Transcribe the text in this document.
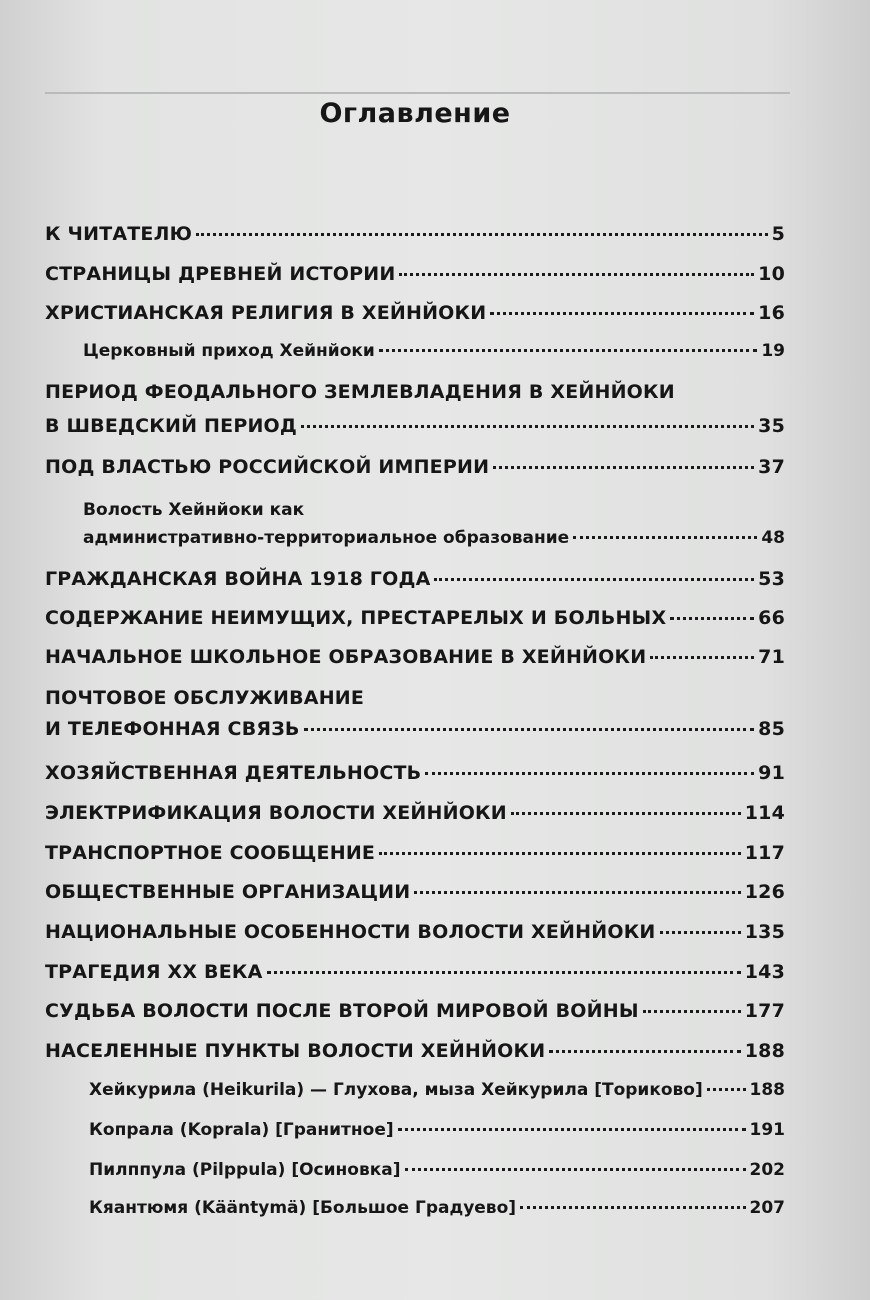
Оглавление
К ЧИТАТЕЛЮ	5
СТРАНИЦЫ ДРЕВНЕЙ ИСТОРИИ	10
ХРИСТИАНСКАЯ РЕЛИГИЯ В ХЕЙНЙОКИ	16
Церковный приход Хейнйоки	19
ПЕРИОД ФЕОДАЛЬНОГО ЗЕМЛЕВЛАДЕНИЯ В ХЕЙНЙОКИ
В ШВЕДСКИЙ ПЕРИОД	35
ПОД ВЛАСТЬЮ РОССИЙСКОЙ ИМПЕРИИ	37
Волость Хейнйоки как
административно-территориальное образование	48
ГРАЖДАНСКАЯ ВОЙНА 1918 ГОДА	53
СОДЕРЖАНИЕ НЕИМУЩИХ, ПРЕСТАРЕЛЫХ И БОЛЬНЫХ	66
НАЧАЛЬНОЕ ШКОЛЬНОЕ ОБРАЗОВАНИЕ В ХЕЙНЙОКИ	71
ПОЧТОВОЕ ОБСЛУЖИВАНИЕ
И ТЕЛЕФОННАЯ СВЯЗЬ	85
ХОЗЯЙСТВЕННАЯ ДЕЯТЕЛЬНОСТЬ	91
ЭЛЕКТРИФИКАЦИЯ ВОЛОСТИ ХЕЙНЙОКИ	114
ТРАНСПОРТНОЕ СООБЩЕНИЕ	117
ОБЩЕСТВЕННЫЕ ОРГАНИЗАЦИИ	126
НАЦИОНАЛЬНЫЕ ОСОБЕННОСТИ ВОЛОСТИ ХЕЙНЙОКИ	135
ТРАГЕДИЯ XX ВЕКА	143
СУДЬБА ВОЛОСТИ ПОСЛЕ ВТОРОЙ МИРОВОЙ ВОЙНЫ	177
НАСЕЛЕННЫЕ ПУНКТЫ ВОЛОСТИ ХЕЙНЙОКИ	188
Хейкурила (Heikurila) — Глухова, мыза Хейкурила [Ториково]	188
Копрала (Koprala) [Гранитное]	191
Пилппула (Pilppula) [Осиновка]	202
Кяантюмя (Kääntymä) [Большое Градуево]	207
